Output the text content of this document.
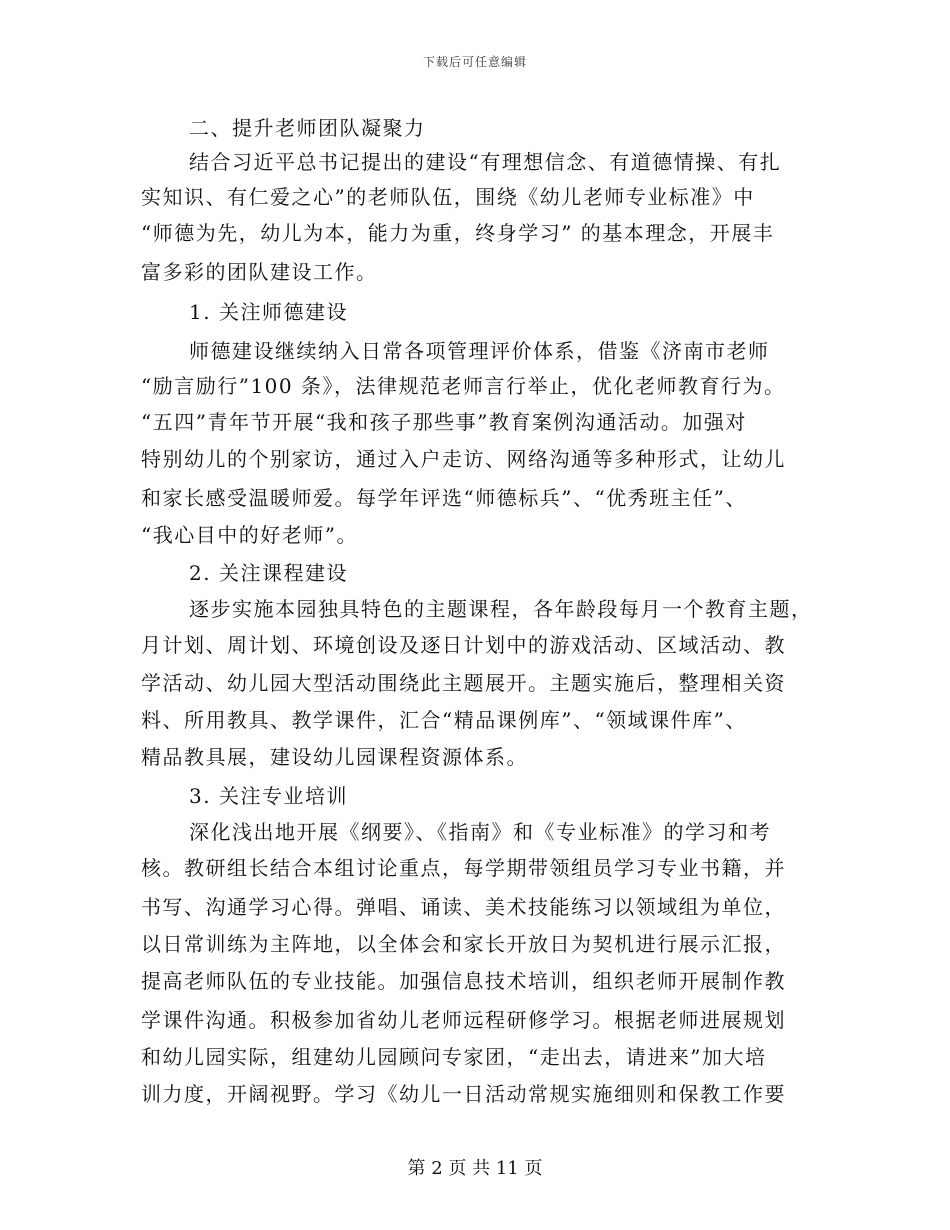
下载后可任意编辑
二、提升老师团队凝聚力
结合习近平总书记提出的建设“有理想信念、有道德情操、有扎
实知识、有仁爱之心”的老师队伍，围绕《幼儿老师专业标准》中
“师德为先，幼儿为本，能力为重，终身学习” 的基本理念，开展丰
富多彩的团队建设工作。
1. 关注师德建设
师德建设继续纳入日常各项管理评价体系，借鉴《济南市老师
“励言励行”100 条》，法律规范老师言行举止，优化老师教育行为。
“五四”青年节开展“我和孩子那些事”教育案例沟通活动。加强对
特别幼儿的个别家访，通过入户走访、网络沟通等多种形式，让幼儿
和家长感受温暖师爱。每学年评选“师德标兵”、“优秀班主任”、
“我心目中的好老师”。
2. 关注课程建设
逐步实施本园独具特色的主题课程，各年龄段每月一个教育主题，
月计划、周计划、环境创设及逐日计划中的游戏活动、区域活动、教
学活动、幼儿园大型活动围绕此主题展开。主题实施后，整理相关资
料、所用教具、教学课件，汇合“精品课例库”、“领域课件库”、
精品教具展，建设幼儿园课程资源体系。
3. 关注专业培训
深化浅出地开展《纲要》、《指南》和《专业标准》的学习和考
核。教研组长结合本组讨论重点，每学期带领组员学习专业书籍，并
书写、沟通学习心得。弹唱、诵读、美术技能练习以领域组为单位，
以日常训练为主阵地，以全体会和家长开放日为契机进行展示汇报，
提高老师队伍的专业技能。加强信息技术培训，组织老师开展制作教
学课件沟通。积极参加省幼儿老师远程研修学习。根据老师进展规划
和幼儿园实际，组建幼儿园顾问专家团，“走出去，请进来”加大培
训力度，开阔视野。学习《幼儿一日活动常规实施细则和保教工作要
第 2 页 共 11 页
